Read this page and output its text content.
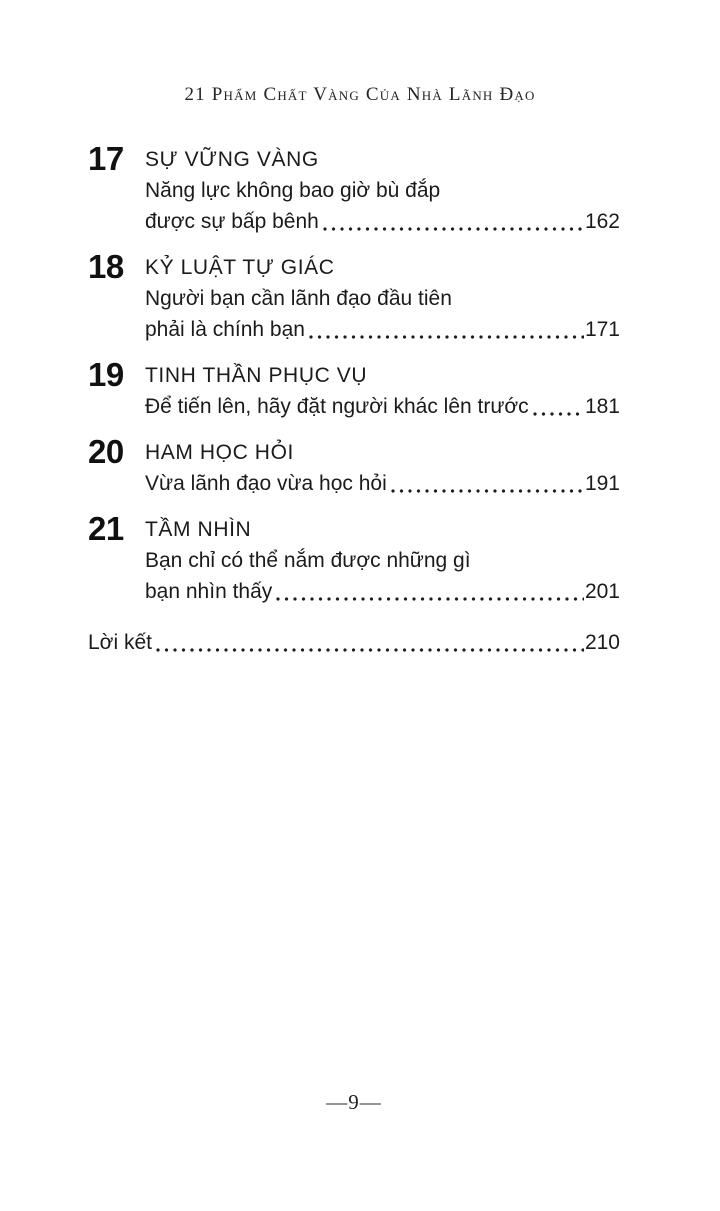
21 Phẩm Chất Vàng Của Nhà Lãnh Đạo
17	SỰ VỮNG VÀNG
Năng lực không bao giờ bù đắp
được sự bấp bênh	162
18	KỶ LUẬT TỰ GIÁC
Người bạn cần lãnh đạo đầu tiên
phải là chính bạn	171
19	TINH THẦN PHỤC VỤ
Để tiến lên, hãy đặt người khác lên trước	181
20	HAM HỌC HỎI
Vừa lãnh đạo vừa học hỏi	191
21	TẦM NHÌN
Bạn chỉ có thể nắm được những gì
bạn nhìn thấy	201
Lời kết	210
—9—
